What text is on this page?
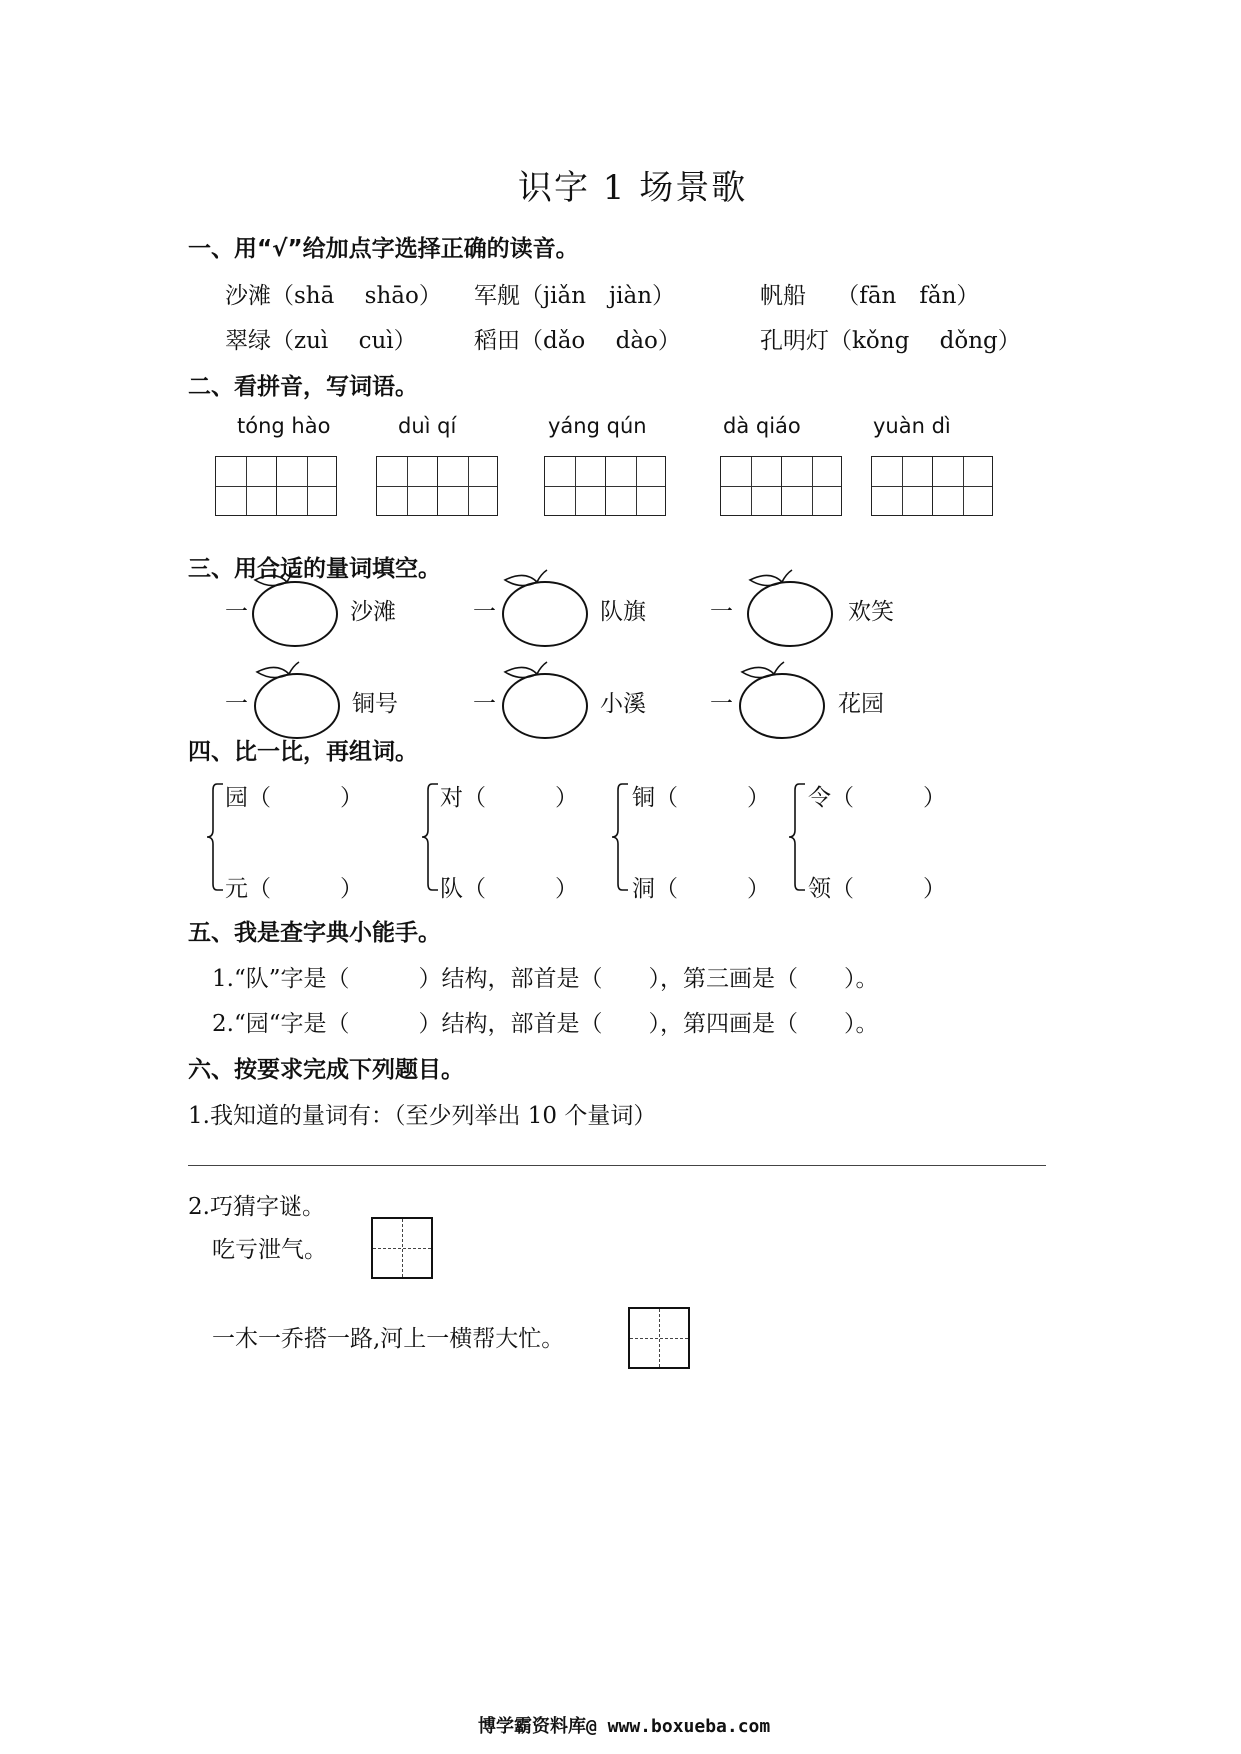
识字 1 场景歌
一、用“√”给加点字选择正确的读音。
沙滩（shā　 shāo） 军舰（jiǎn　jiàn）	帆船　 （fān　fǎn）
翠绿（zuì　 cuì） 稻田（dǎo　 dào）	孔明灯（kǒng　 dǒng）
二、看拼音，写词语。
tóng hào	duì qí	yáng qún	dà qiáo	yuàn dì
三、用合适的量词填空。
一	沙滩	一	队旗	一	欢笑
一	铜号	一	小溪	一	花园
四、比一比，再组词。
园（　　　）
元（　　　）
对（　　　）
队（　　　）
铜（　　　）
洞（　　　）
令（　　　）
领（　　　）
五、我是查字典小能手。
1.“队”字是（　　　）结构，部首是（　　），第三画是（　　）。
2.“园“字是（　　　）结构，部首是（　　），第四画是（　　）。
六、按要求完成下列题目。
1.我知道的量词有：（至少列举出 10 个量词）
2.巧猜字谜。
吃亏泄气。
一木一乔搭一路,河上一横帮大忙。
博学霸资料库@ www.boxueba.com
